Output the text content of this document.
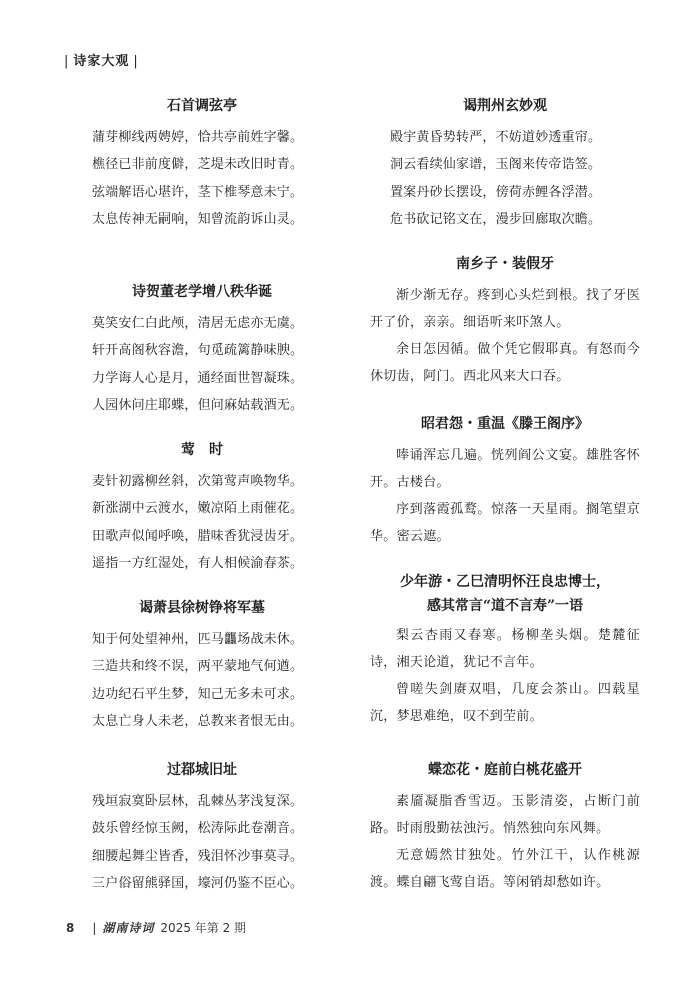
| 诗家大观 |
石首调弦亭
蒲芽柳线两娉婷，恰共亭前姓字馨。
樵径已非前度僻，芝堤未改旧时青。
弦端解语心堪许，茎下椎琴意未宁。
太息传神无嗣响，知曾流韵诉山灵。
诗贺董老学增八秩华诞
莫笑安仁白此颅，清居无虑亦无虞。
轩开高阁秋容澹，句觅疏篱静味腴。
力学诲人心是月，通经面世智凝珠。
人园休问庄耶蝶，但问麻姑载酒无。
莺　时
麦针初露柳丝斜，次第莺声唤物华。
新涨湖中云渡水，嫩凉陌上雨催花。
田歌声似闻呼唤，腊味香犹浸齿牙。
遥指一方红湿处，有人相候渝春茶。
谒萧县徐树铮将军墓
知于何处望神州，匹马龘场战未休。
三造共和终不误，两平蒙地气何遒。
边功纪石平生梦，知己无多未可求。
太息亡身人未老，总教来者恨无由。
过鄀城旧址
残垣寂寞卧层林，乱棘丛茅浅复深。
鼓乐曾经惊玉阙，松涛际此卷潮音。
细腰起舞尘皆香，残泪怀沙事莫寻。
三户俗留熊驿国，壕河仍鉴不臣心。
谒荆州玄妙观
殿宇黄昏势转严，不妨道妙透重帘。
洞云看续仙家谱，玉阁来传帝诰签。
置案丹砂长摆设，傍荷赤鲤各浮潜。
危书砍记铭文在，漫步回廊取次瞻。
南乡子・装假牙

渐少渐无存。疼到心头烂到根。找了牙医开了价，亲亲。细语听来吓煞人。

余日怎因循。做个凭它假耶真。有怒而今休切齿，阿门。西北风来大口吞。

昭君怨・重温《滕王阁序》

唪诵浑忘几遍。恍列阎公文宴。雄胜客怀开。古楼台。

序到落霞孤鹜。惊落一天星雨。搁笔望京华。密云遮。

少年游・乙巳清明怀汪良忠博士，
感其常言“道不言寿”一语

梨云杏雨又春寒。杨柳垄头烟。楚麓征诗，湘天论道，犹记不言年。

曾嗟失剑赓双唱，几度会茶山。四载星沉，梦思难绝，叹不到茔前。

蝶恋花・庭前白桃花盛开

素靥凝脂香雪迈。玉影清姿，占断门前路。时雨殷勤祛浊污。悄然独向东风舞。

无意嫣然甘独处。竹外江干，认作桃源渡。蝶自翩飞莺自语。等闲销却愁如许。

8 | 湖南诗词 2025 年第 2 期
